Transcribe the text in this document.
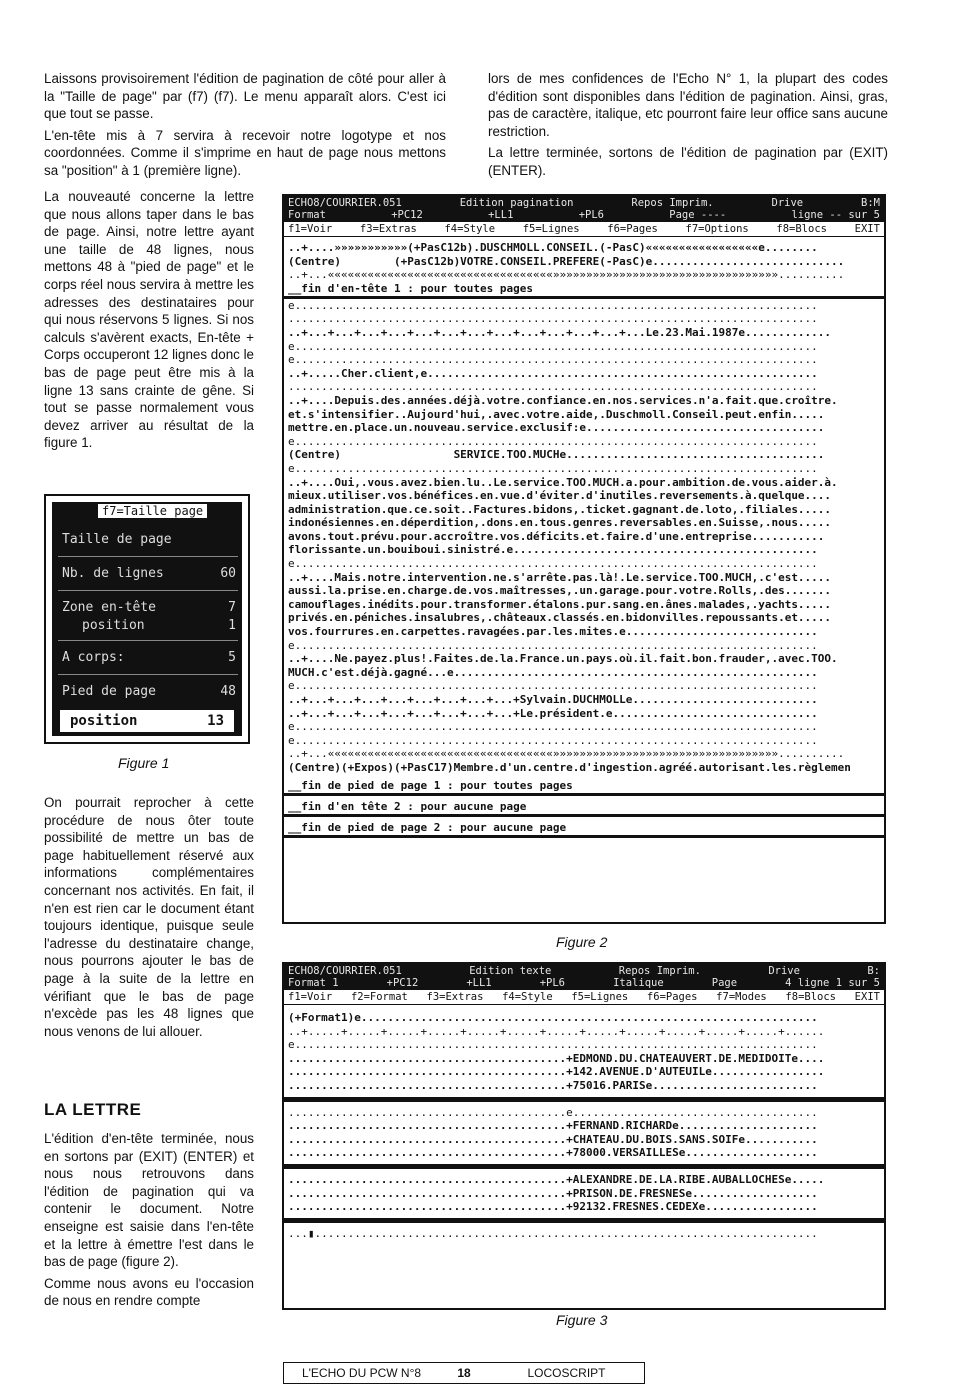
Laissons provisoirement l'édition de pagination de côté pour aller à la "Taille de page" par (f7) (f7). Le menu apparaît alors. C'est ici que tout se passe.

L'en-tête mis à 7 servira à recevoir notre logotype et nos coordonnées. Comme il s'imprime en haut de page nous mettons sa "position" à 1 (première ligne).

lors de mes confidences de l'Echo N° 1, la plupart des codes d'édition sont disponibles dans l'édition de pagination. Ainsi, gras, pas de caractère, italique, etc pourront faire leur office sans aucune restriction.

La lettre terminée, sortons de l'édition de pagination par (EXIT) (ENTER).

La nouveauté concerne la lettre que nous allons taper dans le bas de page. Ainsi, notre lettre ayant une taille de 48 lignes, nous mettons 48 à "pied de page" et le corps réel nous servira à mettre les adresses des destinataires pour qui nous réservons 5 lignes. Si nos calculs s'avèrent exacts, En-tête + Corps occuperont 12 lignes donc le bas de page peut être mis à la ligne 13 sans crainte de gêne. Si tout se passe normalement vous devez arriver au résultat de la figure 1.
f7=Taille page
Taille de page
Nb. de lignes	60
Zone en-tête	7
position	1
A corps:	5
Pied de page	48
position	13
Figure 1
On pourrait reprocher à cette procédure de nous ôter toute possibilité de mettre un bas de page habituellement réservé aux informations complémentaires concernant nos activités. En fait, il n'en est rien car le document étant toujours identique, puisque seule l'adresse du destinataire change, nous pourrons ajouter le bas de page à la suite de la lettre en vérifiant que le bas de page n'excède pas les 48 lignes que nous venons de lui allouer.
LA LETTRE

L'édition d'en-tête terminée, nous en sortons par (EXIT) (ENTER) et nous nous retrouvons dans l'édition de pagination qui va contenir le document. Notre enseigne est saisie dans l'en-tête et la lettre à émettre l'est dans le bas de page (figure 2).

Comme nous avons eu l'occasion de nous en rendre compte

ECHO8/COURRIER.051	Edition pagination	Repos Imprim.	Drive	B:M
Format	+PC12	+LL1	+PL6	Page ----	ligne -- sur 5
f1=Voir	f3=Extras	f4=Style	f5=Lignes	f6=Pages	f7=Options	f8=Blocs	EXIT
..+....»»»»»»»»»»»(+PasC12b).DUSCHMOLL.CONSEIL.(-PasC)«««««««««««««««««e........
(Centre)        (+PasC12b)VOTRE.CONSEIL.PREFERE(-PasC)e.............................
..+...««««««««««««««««««««««««««««««««««»»»»»»»»»»»»»»»»»»»»»»»»»»»»»»»»»»..........
__fin d'en-tête 1 : pour toutes pages
e...............................................................................
................................................................................
..+...+...+...+...+...+...+...+...+...+...+...+...+...Le.23.Mai.1987e.............
e...............................................................................
e...............................................................................
..+.....Cher.client,e...........................................................
................................................................................
..+....Depuis.des.années.déjà.votre.confiance.en.nos.services.n'a.fait.que.croître.
et.s'intensifier..Aujourd'hui,.avec.votre.aide,.Duschmoll.Conseil.peut.enfin.....
mettre.en.place.un.nouveau.service.exclusif:e....................................
e...............................................................................
(Centre)                 SERVICE.TOO.MUCHe.......................................
e...............................................................................
..+....Oui,.vous.avez.bien.lu..Le.service.TOO.MUCH.a.pour.ambition.de.vous.aider.à.
mieux.utiliser.vos.bénéfices.en.vue.d'éviter.d'inutiles.reversements.à.quelque....
administration.que.ce.soit..Factures.bidons,.ticket.gagnant.de.loto,.filiales.....
indonésiennes.en.déperdition,.dons.en.tous.genres.reversables.en.Suisse,.nous.....
avons.tout.prévu.pour.accroître.vos.déficits.et.faire.d'une.entreprise...........
florissante.un.bouiboui.sinistré.e..............................................
e...............................................................................
..+....Mais.notre.intervention.ne.s'arrête.pas.là!.Le.service.TOO.MUCH,.c'est.....
aussi.la.prise.en.charge.de.vos.maîtresses,.un.garage.pour.votre.Rolls,.des.......
camouflages.inédits.pour.transformer.étalons.pur.sang.en.ânes.malades,.yachts.....
privés.en.péniches.insalubres,.châteaux.classés.en.bidonvilles.repoussants.et.....
vos.fourrures.en.carpettes.ravagées.par.les.mites.e.............................
e...............................................................................
..+....Ne.payez.plus!.Faites.de.la.France.un.pays.où.il.fait.bon.frauder,.avec.TOO.
MUCH.c'est.déjà.gagné...e.......................................................
e...............................................................................
..+...+...+...+...+...+...+...+...+Sylvain.DUCHMOLLe............................
..+...+...+...+...+...+...+...+...+Le.président.e...............................
e...............................................................................
e...............................................................................
..+...««««««««««««««««««««««««««««««««««»»»»»»»»»»»»»»»»»»»»»»»»»»»»»»»»»»..........
(Centre)(+Expos)(+PasC17)Membre.d'un.centre.d'ingestion.agréé.autorisant.les.règlemen
__fin de pied de page 1 : pour toutes pages
__fin d'en tête 2 : pour aucune page
__fin de pied de page 2 : pour aucune page
Figure 2
ECHO8/COURRIER.051	Edition texte	Repos Imprim.	Drive	B:
Format 1	+PC12	+LL1	+PL6	Italique	Page	4 ligne 1 sur 5
f1=Voir f2=Format f3=Extras f4=Style f5=Lignes f6=Pages f7=Modes f8=Blocs EXIT
(+Format1)e.....................................................................
..+.....+.....+.....+.....+.....+.....+.....+.....+.....+.....+.....+.....+......
e...............................................................................
..........................................+EDMOND.DU.CHATEAUVERT.DE.MEDIDOITe....
..........................................+142.AVENUE.D'AUTEUILe.................
..........................................+75016.PARISe.........................
..........................................e.....................................
..........................................+FERNAND.RICHARDe.....................
..........................................+CHATEAU.DU.BOIS.SANS.SOIFe...........
..........................................+78000.VERSAILLESe....................
..........................................+ALEXANDRE.DE.LA.RIBE.AUBALLOCHESe.....
..........................................+PRISON.DE.FRESNESe...................
..........................................+92132.FRESNES.CEDEXe.................
...▮............................................................................
Figure 3
L'ECHO DU PCW N°8	18	LOCOSCRIPT
